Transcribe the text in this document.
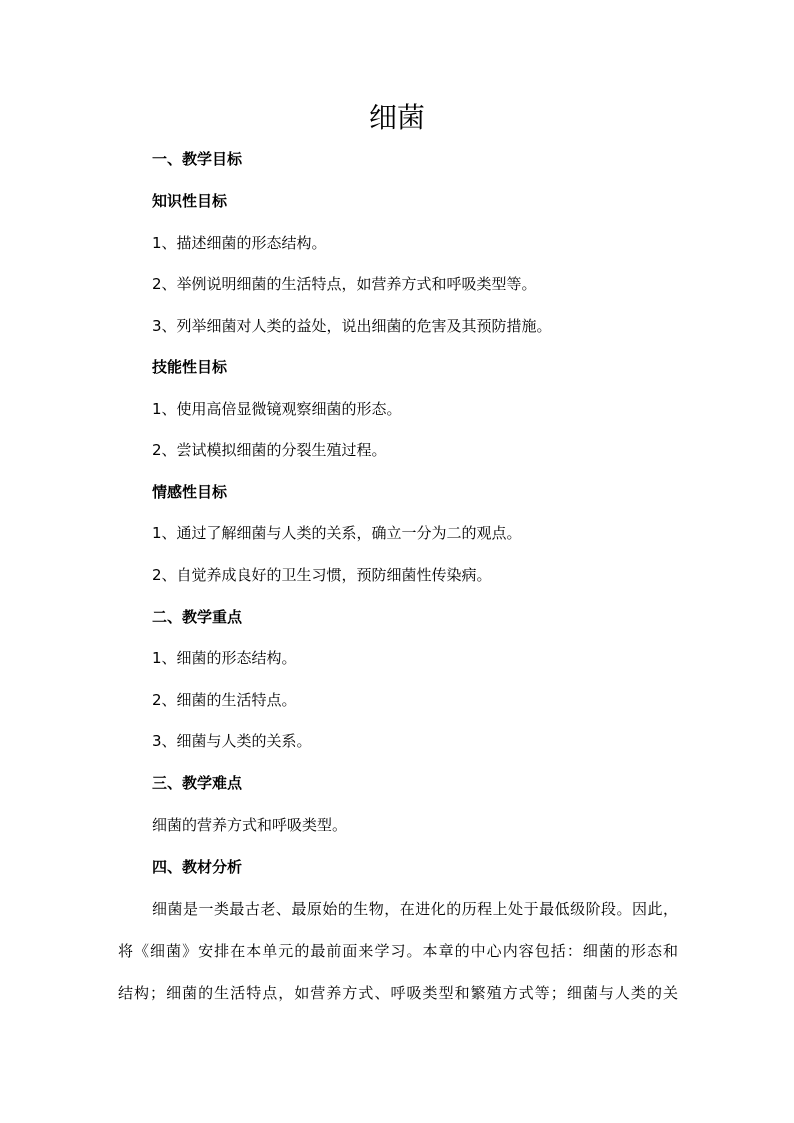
细菌
一、教学目标
知识性目标
1、描述细菌的形态结构。
2、举例说明细菌的生活特点，如营养方式和呼吸类型等。
3、列举细菌对人类的益处，说出细菌的危害及其预防措施。
技能性目标
1、使用高倍显微镜观察细菌的形态。
2、尝试模拟细菌的分裂生殖过程。
情感性目标
1、通过了解细菌与人类的关系，确立一分为二的观点。
2、自觉养成良好的卫生习惯，预防细菌性传染病。
二、教学重点
1、细菌的形态结构。
2、细菌的生活特点。
3、细菌与人类的关系。
三、教学难点
细菌的营养方式和呼吸类型。
四、教材分析
细菌是一类最古老、最原始的生物，在进化的历程上处于最低级阶段。因此，
将《细菌》安排在本单元的最前面来学习。本章的中心内容包括：细菌的形态和
结构；细菌的生活特点，如营养方式、呼吸类型和繁殖方式等；细菌与人类的关
